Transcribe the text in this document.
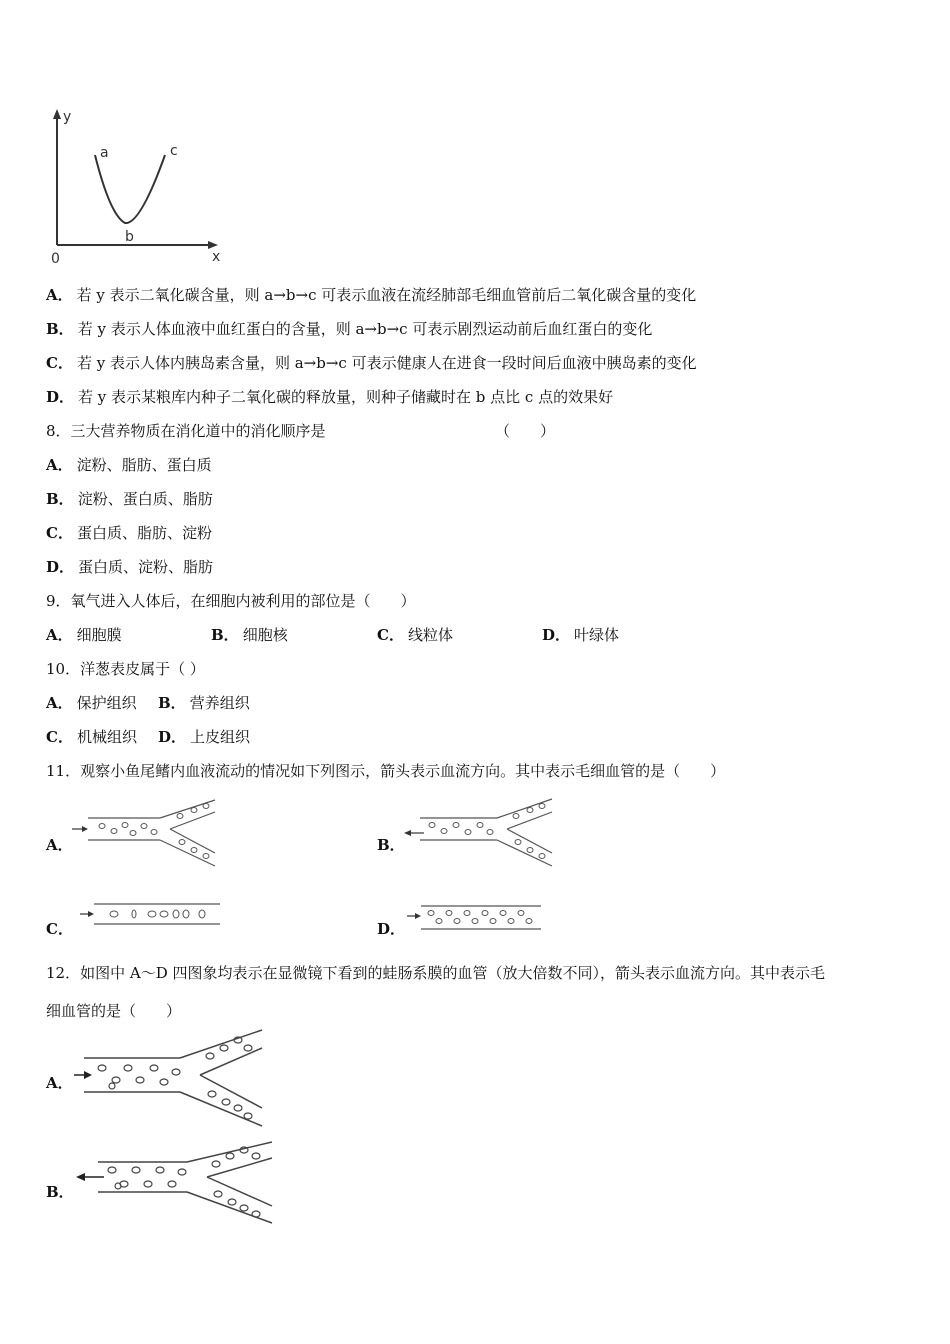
y
x
0
a
b
c
A． 若 y 表示二氧化碳含量，则 a→b→c 可表示血液在流经肺部毛细血管前后二氧化碳含量的变化
B． 若 y 表示人体血液中血红蛋白的含量，则 a→b→c 可表示剧烈运动前后血红蛋白的变化
C． 若 y 表示人体内胰岛素含量，则 a→b→c 可表示健康人在进食一段时间后血液中胰岛素的变化
D． 若 y 表示某粮库内种子二氧化碳的释放量，则种子储藏时在 b 点比 c 点的效果好
8．三大营养物质在消化道中的消化顺序是	（　　）
A． 淀粉、脂肪、蛋白质
B． 淀粉、蛋白质、脂肪
C． 蛋白质、脂肪、淀粉
D． 蛋白质、淀粉、脂肪
9．氧气进入人体后，在细胞内被利用的部位是（　　）
A． 细胞膜	B． 细胞核	C． 线粒体	D． 叶绿体
10．洋葱表皮属于（ ）
A． 保护组织 B． 营养组织
C． 机械组织 D． 上皮组织
11．观察小鱼尾鳍内血液流动的情况如下列图示，箭头表示血流方向。其中表示毛细血管的是（　　）
A．	B．
C．	D．
12．如图中 A～D 四图象均表示在显微镜下看到的蛙肠系膜的血管（放大倍数不同），箭头表示血流方向。其中表示毛
细血管的是（　　）
A．
B．
